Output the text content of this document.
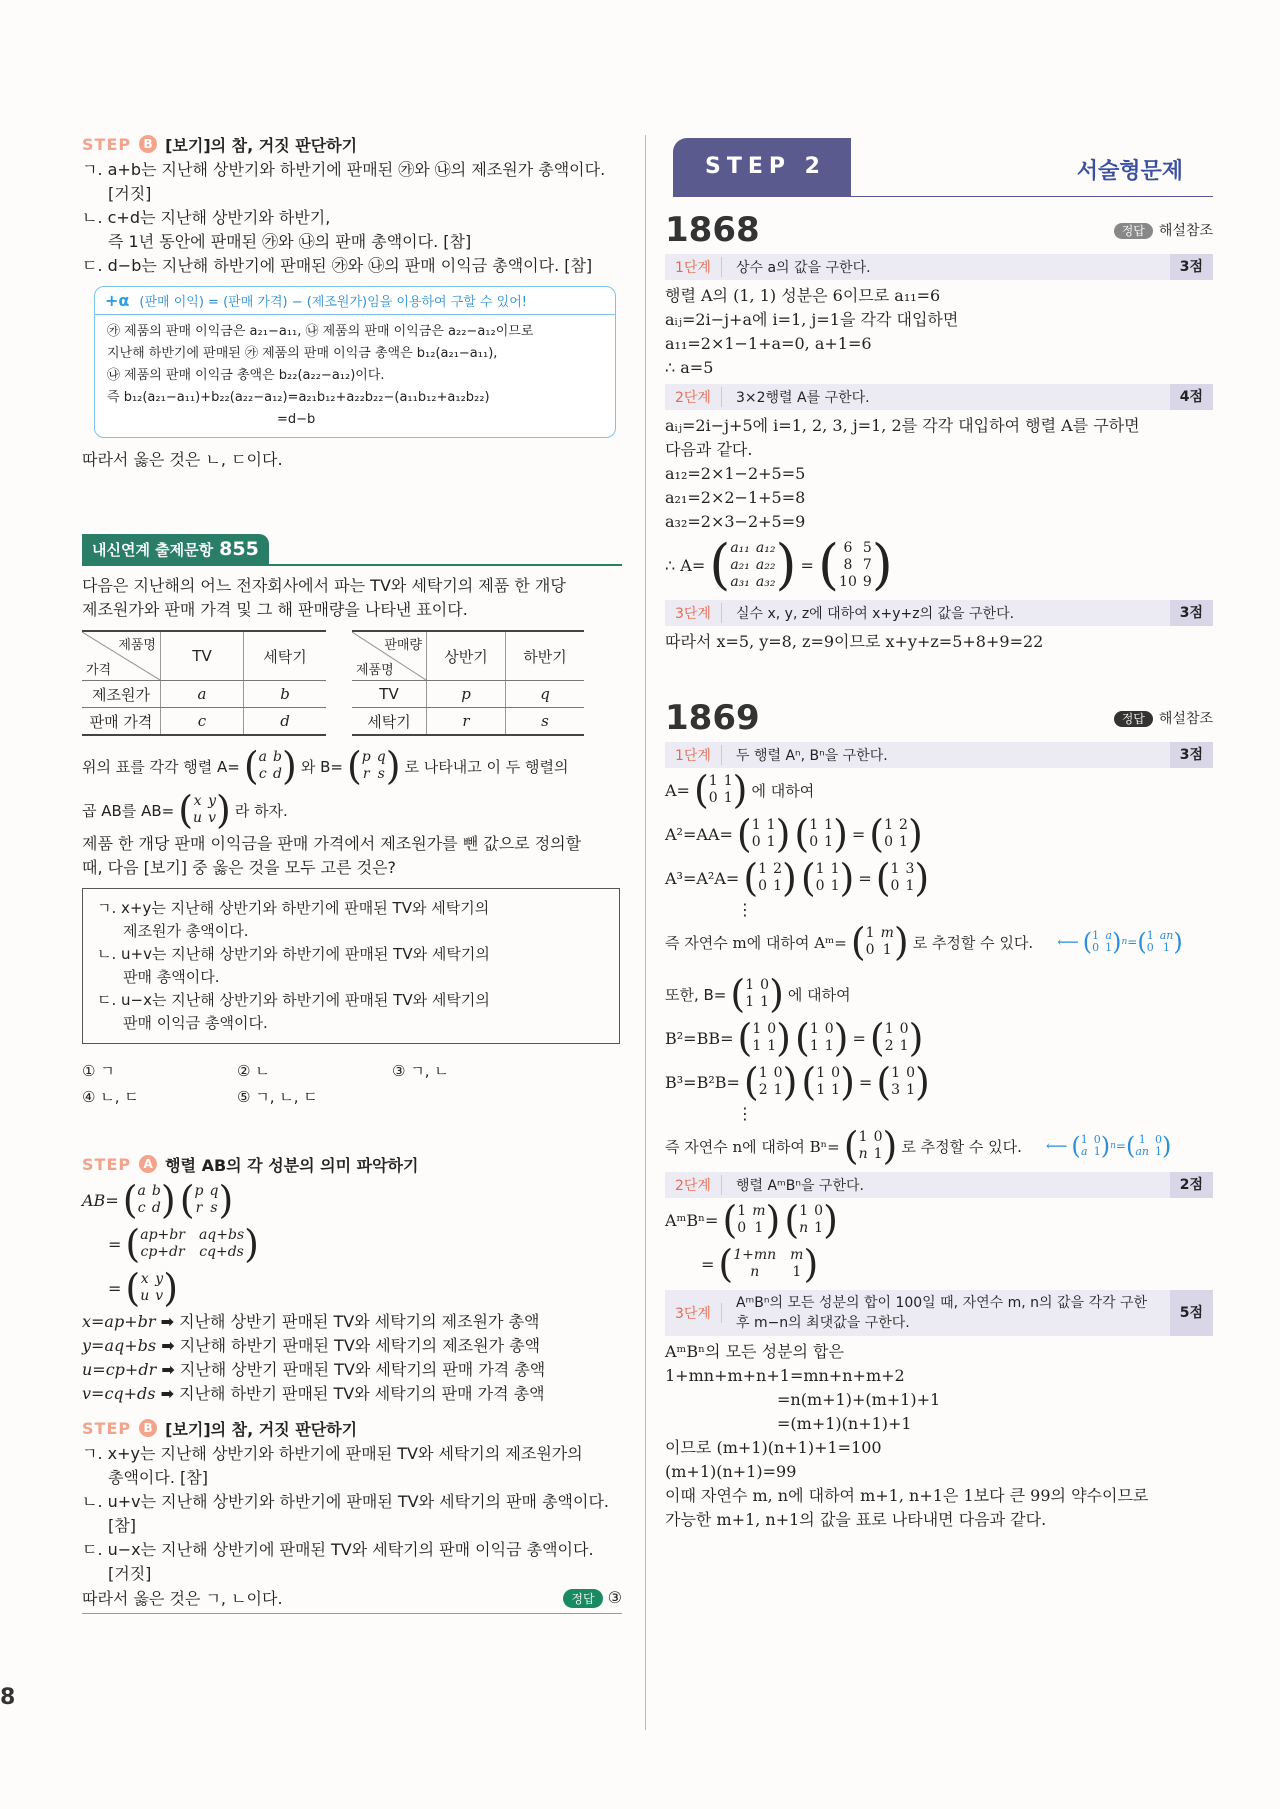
8
STEP	B [보기]의 참, 거짓 판단하기

ㄱ. a+b는 지난해 상반기와 하반기에 판매된 ㉮와 ㉯의 제조원가 총액이다.

[거짓]

ㄴ. c+d는 지난해 상반기와 하반기,

즉 1년 동안에 판매된 ㉮와 ㉯의 판매 총액이다. [참]

ㄷ. d−b는 지난해 하반기에 판매된 ㉮와 ㉯의 판매 이익금 총액이다. [참]

+α (판매 이익) = (판매 가격) − (제조원가)임을 이용하여 구할 수 있어!
㉮ 제품의 판매 이익금은 a₂₁−a₁₁, ㉯ 제품의 판매 이익금은 a₂₂−a₁₂이므로
지난해 하반기에 판매된 ㉮ 제품의 판매 이익금 총액은 b₁₂(a₂₁−a₁₁),
㉯ 제품의 판매 이익금 총액은 b₂₂(a₂₂−a₁₂)이다.
즉 b₁₂(a₂₁−a₁₁)+b₂₂(a₂₂−a₁₂)=a₂₁b₁₂+a₂₂b₂₂−(a₁₁b₁₂+a₁₂b₂₂)
=d−b

따라서 옳은 것은 ㄴ, ㄷ이다.

내신연계 출제문항 855

다음은 지난해의 어느 전자회사에서 파는 TV와 세탁기의 제품 한 개당

제조원가와 판매 가격 및 그 해 판매량을 나타낸 표이다.

제품명
가격	TV	세탁기
제조원가	a	b
판매 가격	c	d
판매량
제품명	상반기	하반기
TV	p	q
세탁기	r	s
위의 표를 각각 행렬 A= ( a b
c d ) 와 B= ( p q
r s ) 로 나타내고 이 두 행렬의
곱 AB를 AB= ( x y
u v ) 라 하자.

제품 한 개당 판매 이익금을 판매 가격에서 제조원가를 뺀 값으로 정의할

때, 다음 [보기] 중 옳은 것을 모두 고른 것은?

ㄱ. x+y는 지난해 상반기와 하반기에 판매된 TV와 세탁기의
제조원가 총액이다.
ㄴ. u+v는 지난해 상반기와 하반기에 판매된 TV와 세탁기의
판매 총액이다.
ㄷ. u−x는 지난해 상반기와 하반기에 판매된 TV와 세탁기의
판매 이익금 총액이다.
① ㄱ	② ㄴ	③ ㄱ, ㄴ
④ ㄴ, ㄷ	⑤ ㄱ, ㄴ, ㄷ
STEP	A 행렬 AB의 각 성분의 의미 파악하기
AB= ( a b
c d ) ( p q
r s )
= ( ap+br aq+bs
cp+dr cq+ds )
= ( x y
u v )

x=ap+br ➡ 지난해 상반기 판매된 TV와 세탁기의 제조원가 총액

y=aq+bs ➡ 지난해 하반기 판매된 TV와 세탁기의 제조원가 총액

u=cp+dr ➡ 지난해 상반기 판매된 TV와 세탁기의 판매 가격 총액

v=cq+ds ➡ 지난해 하반기 판매된 TV와 세탁기의 판매 가격 총액

STEP	B [보기]의 참, 거짓 판단하기

ㄱ. x+y는 지난해 상반기와 하반기에 판매된 TV와 세탁기의 제조원가의

총액이다. [참]

ㄴ. u+v는 지난해 상반기와 하반기에 판매된 TV와 세탁기의 판매 총액이다.

[참]

ㄷ. u−x는 지난해 상반기에 판매된 TV와 세탁기의 판매 이익금 총액이다.

[거짓]

따라서 옳은 것은 ㄱ, ㄴ이다.	정답 ③
STEP 2	서술형문제
1868	정답 해설참조
1단계	상수 a의 값을 구한다.	3점
행렬 A의 (1, 1) 성분은 6이므로 a₁₁=6
aᵢⱼ=2i−j+a에 i=1, j=1을 각각 대입하면
a₁₁=2×1−1+a=0, a+1=6
∴ a=5
2단계	3×2행렬 A를 구한다.	4점
aᵢⱼ=2i−j+5에 i=1, 2, 3, j=1, 2를 각각 대입하여 행렬 A를 구하면
다음과 같다.
a₁₂=2×1−2+5=5
a₂₁=2×2−1+5=8
a₃₂=2×3−2+5=9
∴ A= ( a₁₁ a₁₂
a₂₁ a₂₂
a₃₁ a₃₂ ) = ( 6 5
8 7
10 9 )
3단계	실수 x, y, z에 대하여 x+y+z의 값을 구한다.	3점
따라서 x=5, y=8, z=9이므로 x+y+z=5+8+9=22
1869	정답 해설참조
1단계	두 행렬 Aⁿ, Bⁿ을 구한다.	3점
A= ( 1 1
0 1 ) 에 대하여
A²=AA= ( 1 1
0 1 ) ( 1 1
0 1 ) = ( 1 2
0 1 )
A³=A²A= ( 1 2
0 1 ) ( 1 1
0 1 ) = ( 1 3
0 1 )
⋮
즉 자연수 m에 대하여 Aᵐ= ( 1 m
0 1 ) 로 추정할 수 있다. ⟵ ( 1 a
0 1 ) n = ( 1 an
0 1 )
또한, B= ( 1 0
1 1 ) 에 대하여
B²=BB= ( 1 0
1 1 ) ( 1 0
1 1 ) = ( 1 0
2 1 )
B³=B²B= ( 1 0
2 1 ) ( 1 0
1 1 ) = ( 1 0
3 1 )
⋮
즉 자연수 n에 대하여 Bⁿ= ( 1 0
n 1 ) 로 추정할 수 있다. ⟵ ( 1 0
a 1 ) n = ( 1 0
an 1 )
2단계	행렬 AᵐBⁿ을 구한다.	2점
AᵐBⁿ= ( 1 m
0 1 ) ( 1 0
n 1 )
= ( 1+mn m
n	1 )
3단계
AᵐBⁿ의 모든 성분의 합이 100일 때, 자연수 m, n의 값을 각각 구한
후 m−n의 최댓값을 구한다.
5점
AᵐBⁿ의 모든 성분의 합은
1+mn+m+n+1=mn+n+m+2
=n(m+1)+(m+1)+1
=(m+1)(n+1)+1
이므로 (m+1)(n+1)+1=100
(m+1)(n+1)=99
이때 자연수 m, n에 대하여 m+1, n+1은 1보다 큰 99의 약수이므로
가능한 m+1, n+1의 값을 표로 나타내면 다음과 같다.
